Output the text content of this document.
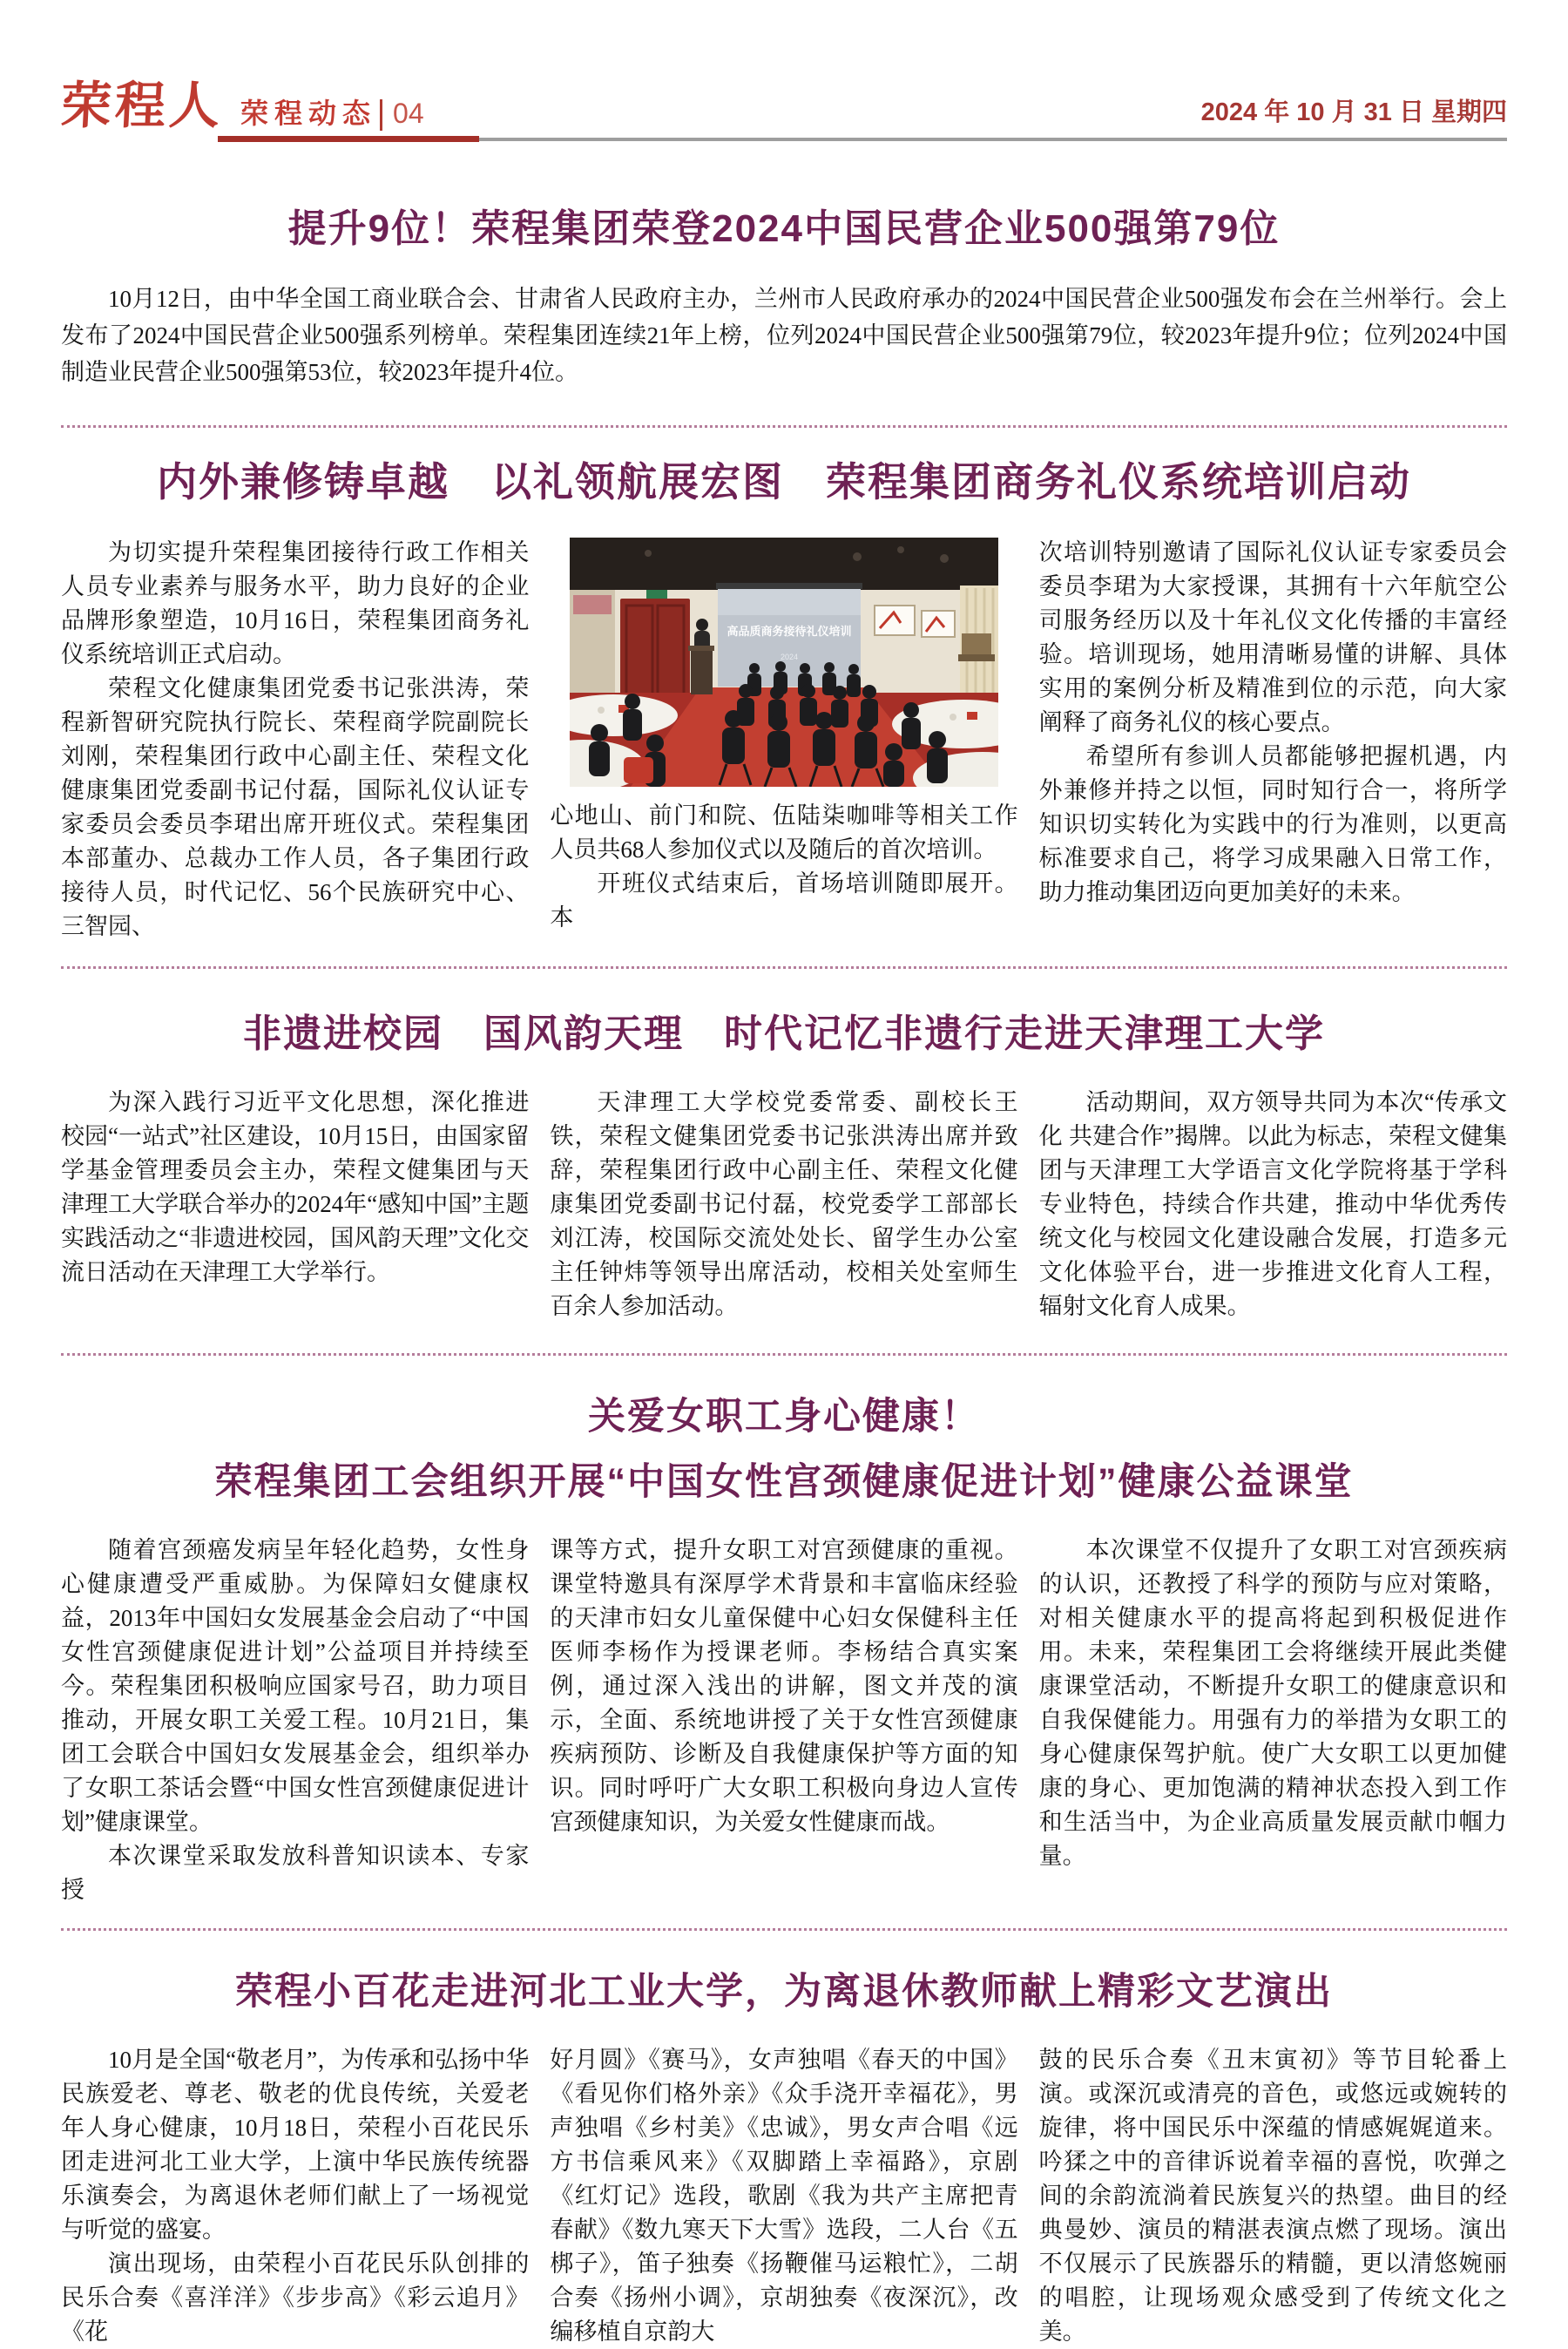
荣程人 荣程动态 04	2024 年 10 月 31 日 星期四
提升9位！荣程集团荣登2024中国民营企业500强第79位

10月12日，由中华全国工商业联合会、甘肃省人民政府主办，兰州市人民政府承办的2024中国民营企业500强发布会在兰州举行。会上发布了2024中国民营企业500强系列榜单。荣程集团连续21年上榜，位列2024中国民营企业500强第79位，较2023年提升9位；位列2024中国制造业民营企业500强第53位，较2023年提升4位。

内外兼修铸卓越　以礼领航展宏图　荣程集团商务礼仪系统培训启动

为切实提升荣程集团接待行政工作相关人员专业素养与服务水平，助力良好的企业品牌形象塑造，10月16日，荣程集团商务礼仪系统培训正式启动。

荣程文化健康集团党委书记张洪涛，荣程新智研究院执行院长、荣程商学院副院长刘刚，荣程集团行政中心副主任、荣程文化健康集团党委副书记付磊，国际礼仪认证专家委员会委员李珺出席开班仪式。荣程集团本部董办、总裁办工作人员，各子集团行政接待人员，时代记忆、56个民族研究中心、三智园、

高品质商务接待礼仪培训
2024

心地山、前门和院、伍陆柒咖啡等相关工作人员共68人参加仪式以及随后的首次培训。

开班仪式结束后，首场培训随即展开。本

次培训特别邀请了国际礼仪认证专家委员会委员李珺为大家授课，其拥有十六年航空公司服务经历以及十年礼仪文化传播的丰富经验。培训现场，她用清晰易懂的讲解、具体实用的案例分析及精准到位的示范，向大家阐释了商务礼仪的核心要点。

希望所有参训人员都能够把握机遇，内外兼修并持之以恒，同时知行合一，将所学知识切实转化为实践中的行为准则，以更高标准要求自己，将学习成果融入日常工作，助力推动集团迈向更加美好的未来。

非遗进校园　国风韵天理　时代记忆非遗行走进天津理工大学

为深入践行习近平文化思想，深化推进校园“一站式”社区建设，10月15日，由国家留学基金管理委员会主办，荣程文健集团与天津理工大学联合举办的2024年“感知中国”主题实践活动之“非遗进校园，国风韵天理”文化交流日活动在天津理工大学举行。

天津理工大学校党委常委、副校长王铁，荣程文健集团党委书记张洪涛出席并致辞，荣程集团行政中心副主任、荣程文化健康集团党委副书记付磊，校党委学工部部长刘江涛，校国际交流处处长、留学生办公室主任钟炜等领导出席活动，校相关处室师生百余人参加活动。

活动期间，双方领导共同为本次“传承文化 共建合作”揭牌。以此为标志，荣程文健集团与天津理工大学语言文化学院将基于学科专业特色，持续合作共建，推动中华优秀传统文化与校园文化建设融合发展，打造多元文化体验平台，进一步推进文化育人工程，辐射文化育人成果。

关爱女职工身心健康！
荣程集团工会组织开展“中国女性宫颈健康促进计划”健康公益课堂

随着宫颈癌发病呈年轻化趋势，女性身心健康遭受严重威胁。为保障妇女健康权益，2013年中国妇女发展基金会启动了“中国女性宫颈健康促进计划”公益项目并持续至今。荣程集团积极响应国家号召，助力项目推动，开展女职工关爱工程。10月21日，集团工会联合中国妇女发展基金会，组织举办了女职工茶话会暨“中国女性宫颈健康促进计划”健康课堂。

本次课堂采取发放科普知识读本、专家授

课等方式，提升女职工对宫颈健康的重视。课堂特邀具有深厚学术背景和丰富临床经验的天津市妇女儿童保健中心妇女保健科主任医师李杨作为授课老师。李杨结合真实案例，通过深入浅出的讲解，图文并茂的演示，全面、系统地讲授了关于女性宫颈健康疾病预防、诊断及自我健康保护等方面的知识。同时呼吁广大女职工积极向身边人宣传宫颈健康知识，为关爱女性健康而战。

本次课堂不仅提升了女职工对宫颈疾病的认识，还教授了科学的预防与应对策略，对相关健康水平的提高将起到积极促进作用。未来，荣程集团工会将继续开展此类健康课堂活动，不断提升女职工的健康意识和自我保健能力。用强有力的举措为女职工的身心健康保驾护航。使广大女职工以更加健康的身心、更加饱满的精神状态投入到工作和生活当中，为企业高质量发展贡献巾帼力量。

荣程小百花走进河北工业大学，为离退休教师献上精彩文艺演出

10月是全国“敬老月”，为传承和弘扬中华民族爱老、尊老、敬老的优良传统，关爱老年人身心健康，10月18日，荣程小百花民乐团走进河北工业大学，上演中华民族传统器乐演奏会，为离退休老师们献上了一场视觉与听觉的盛宴。

演出现场，由荣程小百花民乐队创排的民乐合奏《喜洋洋》《步步高》《彩云追月》《花

好月圆》《赛马》，女声独唱《春天的中国》《看见你们格外亲》《众手浇开幸福花》，男声独唱《乡村美》《忠诚》，男女声合唱《远方书信乘风来》《双脚踏上幸福路》，京剧《红灯记》选段，歌剧《我为共产主席把青春献》《数九寒天下大雪》选段，二人台《五梆子》，笛子独奏《扬鞭催马运粮忙》，二胡合奏《扬州小调》，京胡独奏《夜深沉》，改编移植自京韵大

鼓的民乐合奏《丑末寅初》等节目轮番上演。或深沉或清亮的音色，或悠远或婉转的旋律，将中国民乐中深蕴的情感娓娓道来。吟猱之中的音律诉说着幸福的喜悦，吹弹之间的余韵流淌着民族复兴的热望。曲目的经典曼妙、演员的精湛表演点燃了现场。演出不仅展示了民族器乐的精髓，更以清悠婉丽的唱腔，让现场观众感受到了传统文化之美。
